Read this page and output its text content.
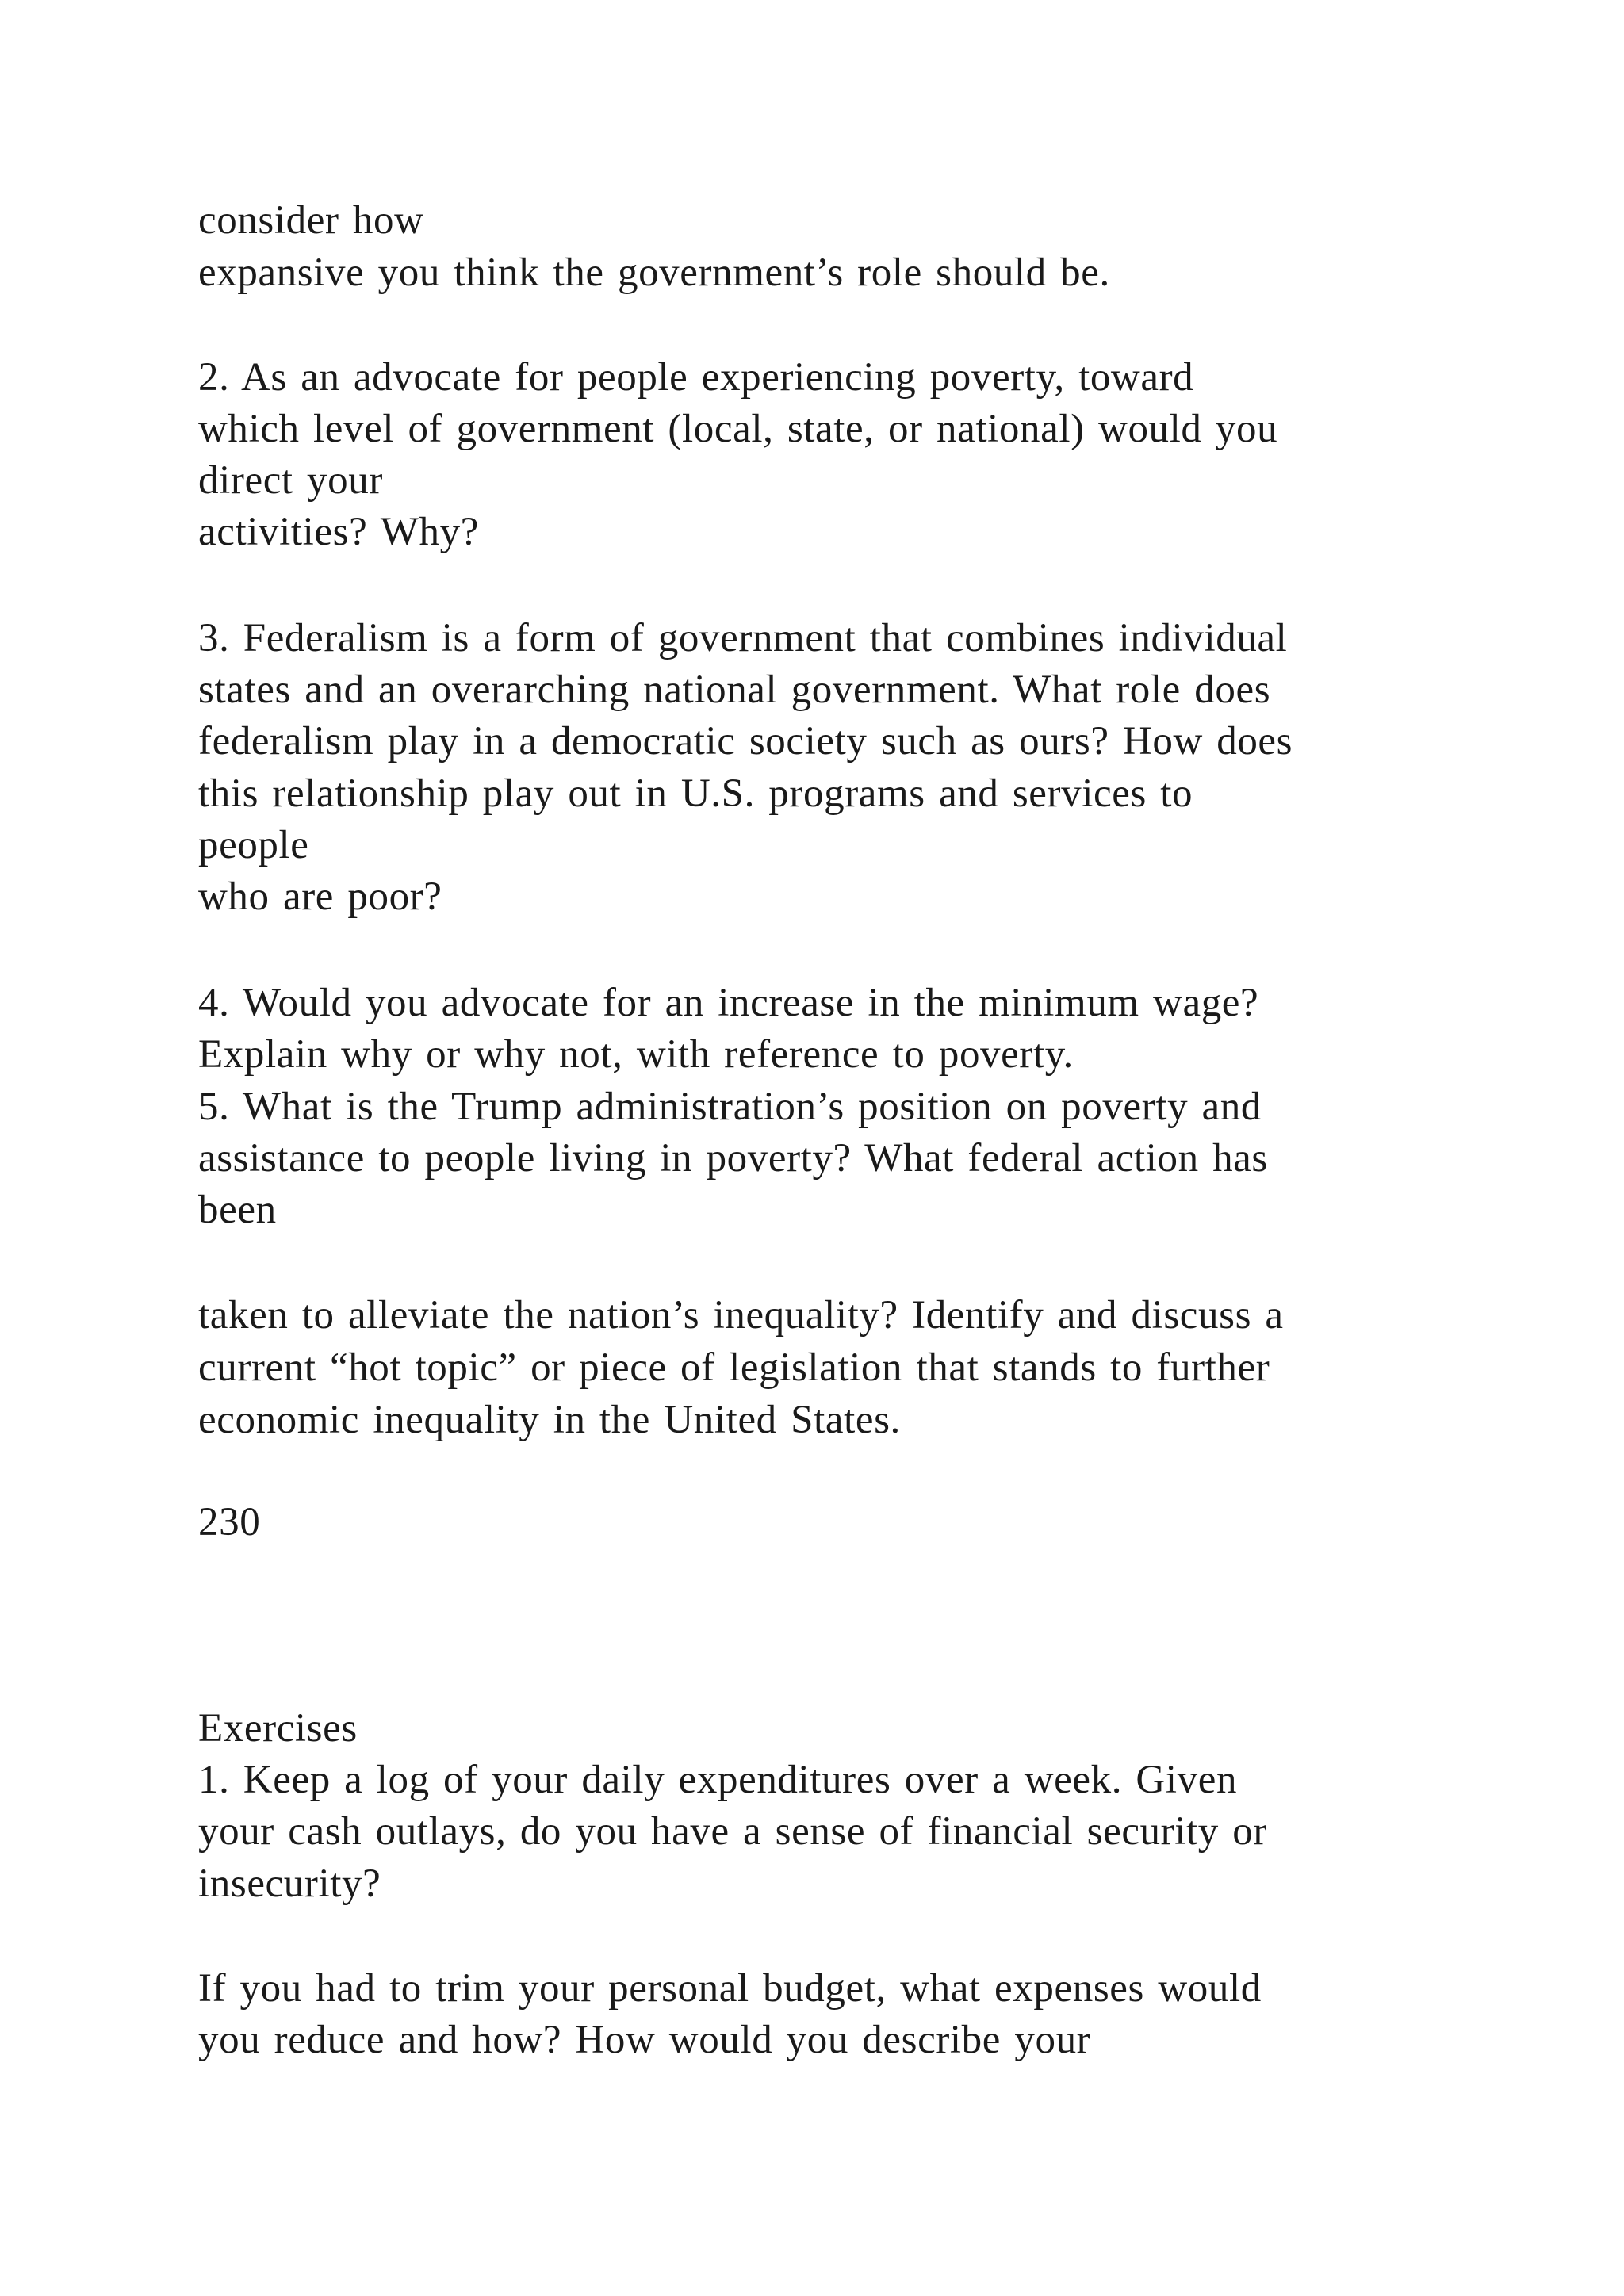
consider how
expansive you think the government’s role should be.
2. As an advocate for people experiencing poverty, toward
which level of government (local, state, or national) would you
direct your
activities? Why?
3. Federalism is a form of government that combines individual
states and an overarching national government. What role does
federalism play in a democratic society such as ours? How does
this relationship play out in U.S. programs and services to
people
who are poor?
4. Would you advocate for an increase in the minimum wage?
Explain why or why not, with reference to poverty.
5. What is the Trump administration’s position on poverty and
assistance to people living in poverty? What federal action has
been
taken to alleviate the nation’s inequality? Identify and discuss a
current “hot topic” or piece of legislation that stands to further
economic inequality in the United States.
230
Exercises
1. Keep a log of your daily expenditures over a week. Given
your cash outlays, do you have a sense of financial security or
insecurity?
If you had to trim your personal budget, what expenses would
you reduce and how? How would you describe your
